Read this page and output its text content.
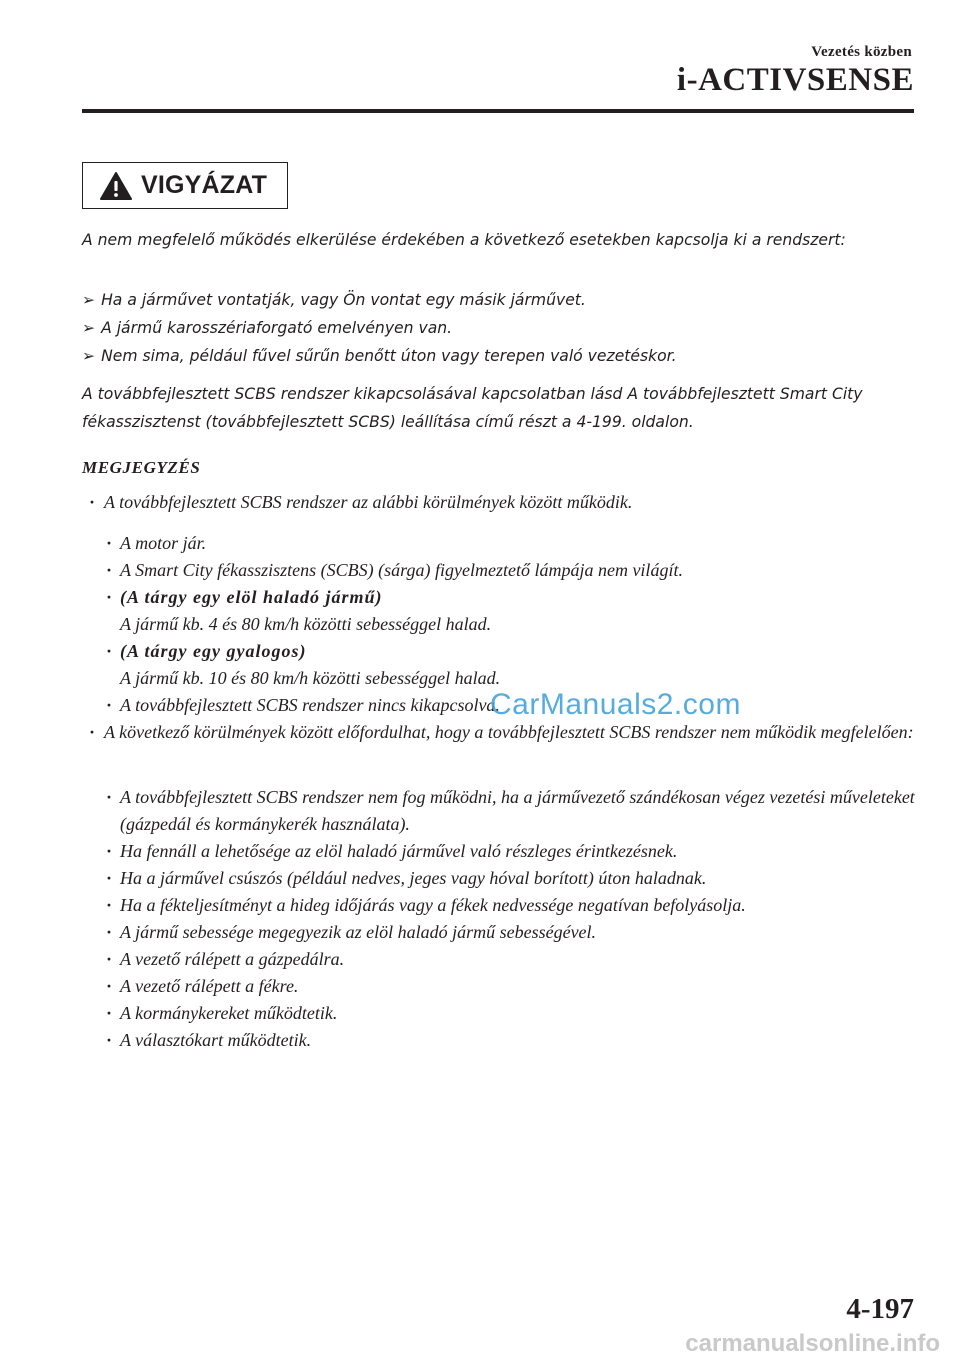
Vezetés közben
i-ACTIVSENSE
VIGYÁZAT
A nem megfelelő működés elkerülése érdekében a következő esetekben kapcsolja ki a rendszert:
➢ Ha a járművet vontatják, vagy Ön vontat egy másik járművet.
➢ A jármű karosszériaforgató emelvényen van.
➢ Nem sima, például fűvel sűrűn benőtt úton vagy terepen való vezetéskor.
A továbbfejlesztett SCBS rendszer kikapcsolásával kapcsolatban lásd A továbbfejlesztett Smart City fékasszisztenst (továbbfejlesztett SCBS) leállítása című részt a 4-199. oldalon.
MEGJEGYZÉS
· A továbbfejlesztett SCBS rendszer az alábbi körülmények között működik.
· A motor jár.
· A Smart City fékasszisztens (SCBS) (sárga) figyelmeztető lámpája nem világít.
· (A tárgy egy elöl haladó jármű)
A jármű kb. 4 és 80 km/h közötti sebességgel halad.
· (A tárgy egy gyalogos)
A jármű kb. 10 és 80 km/h közötti sebességgel halad.
· A továbbfejlesztett SCBS rendszer nincs kikapcsolva.
· A következő körülmények között előfordulhat, hogy a továbbfejlesztett SCBS rendszer nem működik megfelelően:
· A továbbfejlesztett SCBS rendszer nem fog működni, ha a járművezető szándékosan végez vezetési műveleteket (gázpedál és kormánykerék használata).
· Ha fennáll a lehetősége az elöl haladó járművel való részleges érintkezésnek.
· Ha a járművel csúszós (például nedves, jeges vagy hóval borított) úton haladnak.
· Ha a fékteljesítményt a hideg időjárás vagy a fékek nedvessége negatívan befolyásolja.
· A jármű sebessége megegyezik az elöl haladó jármű sebességével.
· A vezető rálépett a gázpedálra.
· A vezető rálépett a fékre.
· A kormánykereket működtetik.
· A választókart működtetik.
4-197
CarManuals2.com
carmanualsonline.info
